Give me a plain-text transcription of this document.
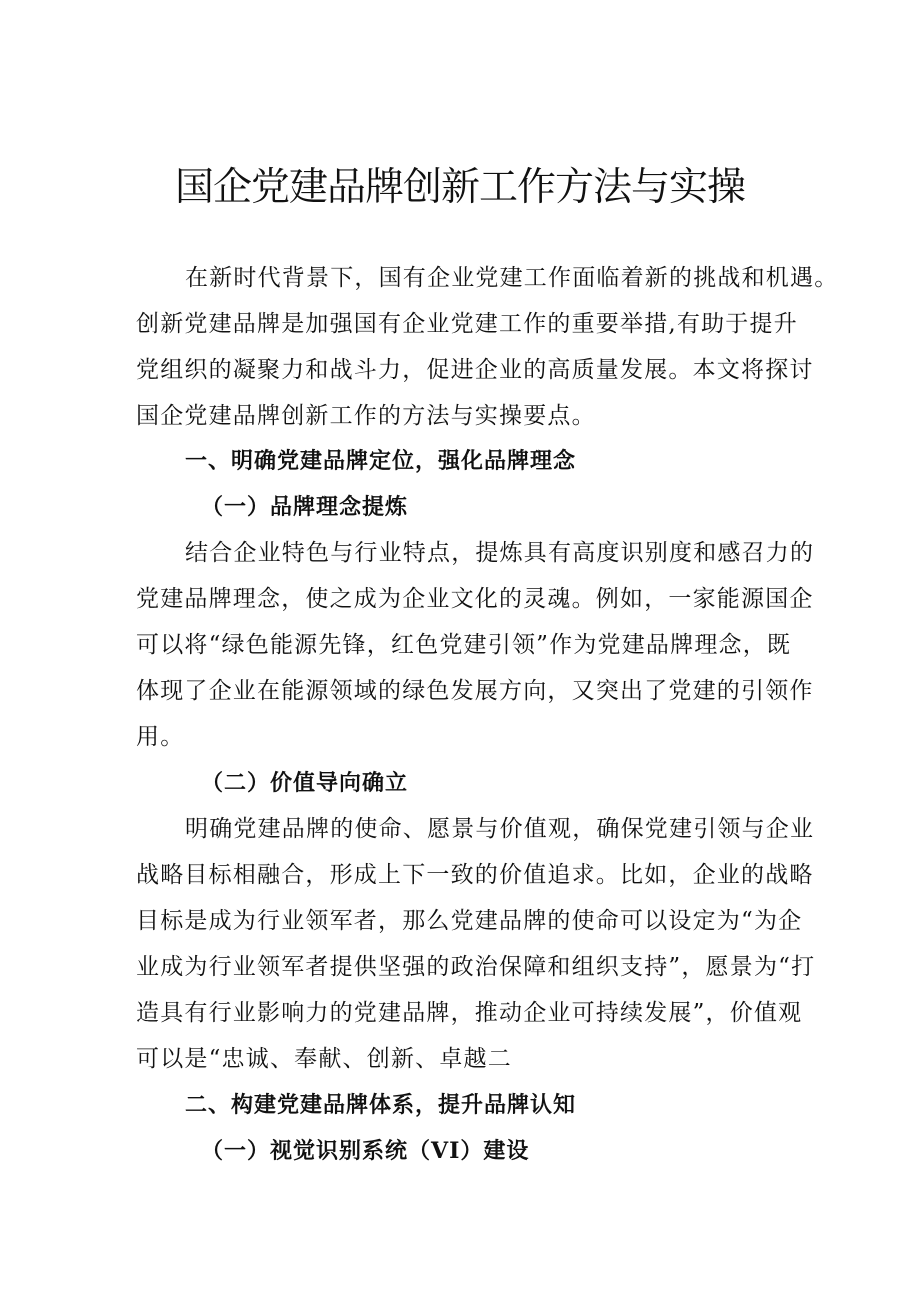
国企党建品牌创新工作方法与实操
在新时代背景下，国有企业党建工作面临着新的挑战和机遇。
创新党建品牌是加强国有企业党建工作的重要举措,有助于提升
党组织的凝聚力和战斗力，促进企业的高质量发展。本文将探讨
国企党建品牌创新工作的方法与实操要点。
一、明确党建品牌定位，强化品牌理念
（一）品牌理念提炼
结合企业特色与行业特点，提炼具有高度识别度和感召力的
党建品牌理念，使之成为企业文化的灵魂。例如，一家能源国企
可以将“绿色能源先锋，红色党建引领”作为党建品牌理念，既
体现了企业在能源领域的绿色发展方向，又突出了党建的引领作
用。
（二）价值导向确立
明确党建品牌的使命、愿景与价值观，确保党建引领与企业
战略目标相融合，形成上下一致的价值追求。比如，企业的战略
目标是成为行业领军者，那么党建品牌的使命可以设定为“为企
业成为行业领军者提供坚强的政治保障和组织支持”，愿景为“打
造具有行业影响力的党建品牌，推动企业可持续发展”，价值观
可以是“忠诚、奉献、创新、卓越二
二、构建党建品牌体系，提升品牌认知
（一）视觉识别系统（VI）建设
